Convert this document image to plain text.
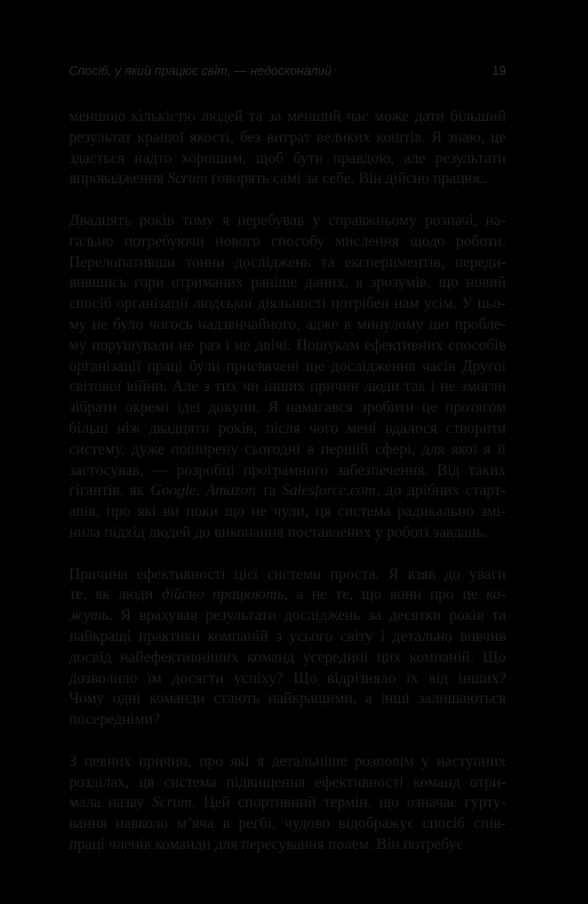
Спосіб, у який працює світ, — недосконалий	19
меншою кількістю людей та за менший час може дати більший
результат кращої якості, без витрат великих коштів. Я знаю, це
здасться надто хорошим, щоб бути правдою, але результати
впровадження Scrum говорять самі за себе. Він дійсно працює.
Двадцять років тому я перебував у справжньому розпачі, на-
гально потребуючи нового способу мислення щодо роботи.
Перелопативши тонни досліджень та експериментів, переди-
вившись гори отриманих раніше даних, я зрозумів, що новий
спосіб організації людської діяльності потрібен нам усім. У цьо-
му не було чогось надзвичайного, адже в минулому цю пробле-
му порушували не раз і не двічі. Пошукам ефективних способів
організації праці були присвячені ще дослідження часів Другої
світової війни. Але з тих чи інших причин люди так і не змогли
зібрати окремі ідеї докупи. Я намагався зробити це протягом
більш ніж двадцяти років, після чого мені вдалося створити
систему, дуже поширену сьогодні в першій сфері, для якої я її
застосував, — розробці програмного забезпечення. Від таких
гігантів, як Google, Amazon та Salesforce.com, до дрібних старт-
апів, про які ви поки що не чули, ця система радикально змі-
нила підхід людей до виконання поставлених у роботі завдань.
Причина ефективності цієї системи проста. Я взяв до уваги
те, як люди дійсно працюють, а не те, що вони про це ка-
жуть. Я врахував результати досліджень за десятки років та
найкращі практики компаній з усього світу і детально вивчив
досвід найефективніших команд усередині цих компаній. Що
дозволило їм досягти успіху? Що відрізняло їх від інших?
Чому одні команди стають найкращими, а інші залишаються
посередніми?
З певних причин, про які я детальніше розповім у наступних
розділах, ця система підвищення ефективності команд отри-
мала назву Scrum. Цей спортивний термін, що означає гурту-
вання навколо м’яча в регбі, чудово відображує спосіб спів-
праці членів команди для пересування полем. Він потребує
